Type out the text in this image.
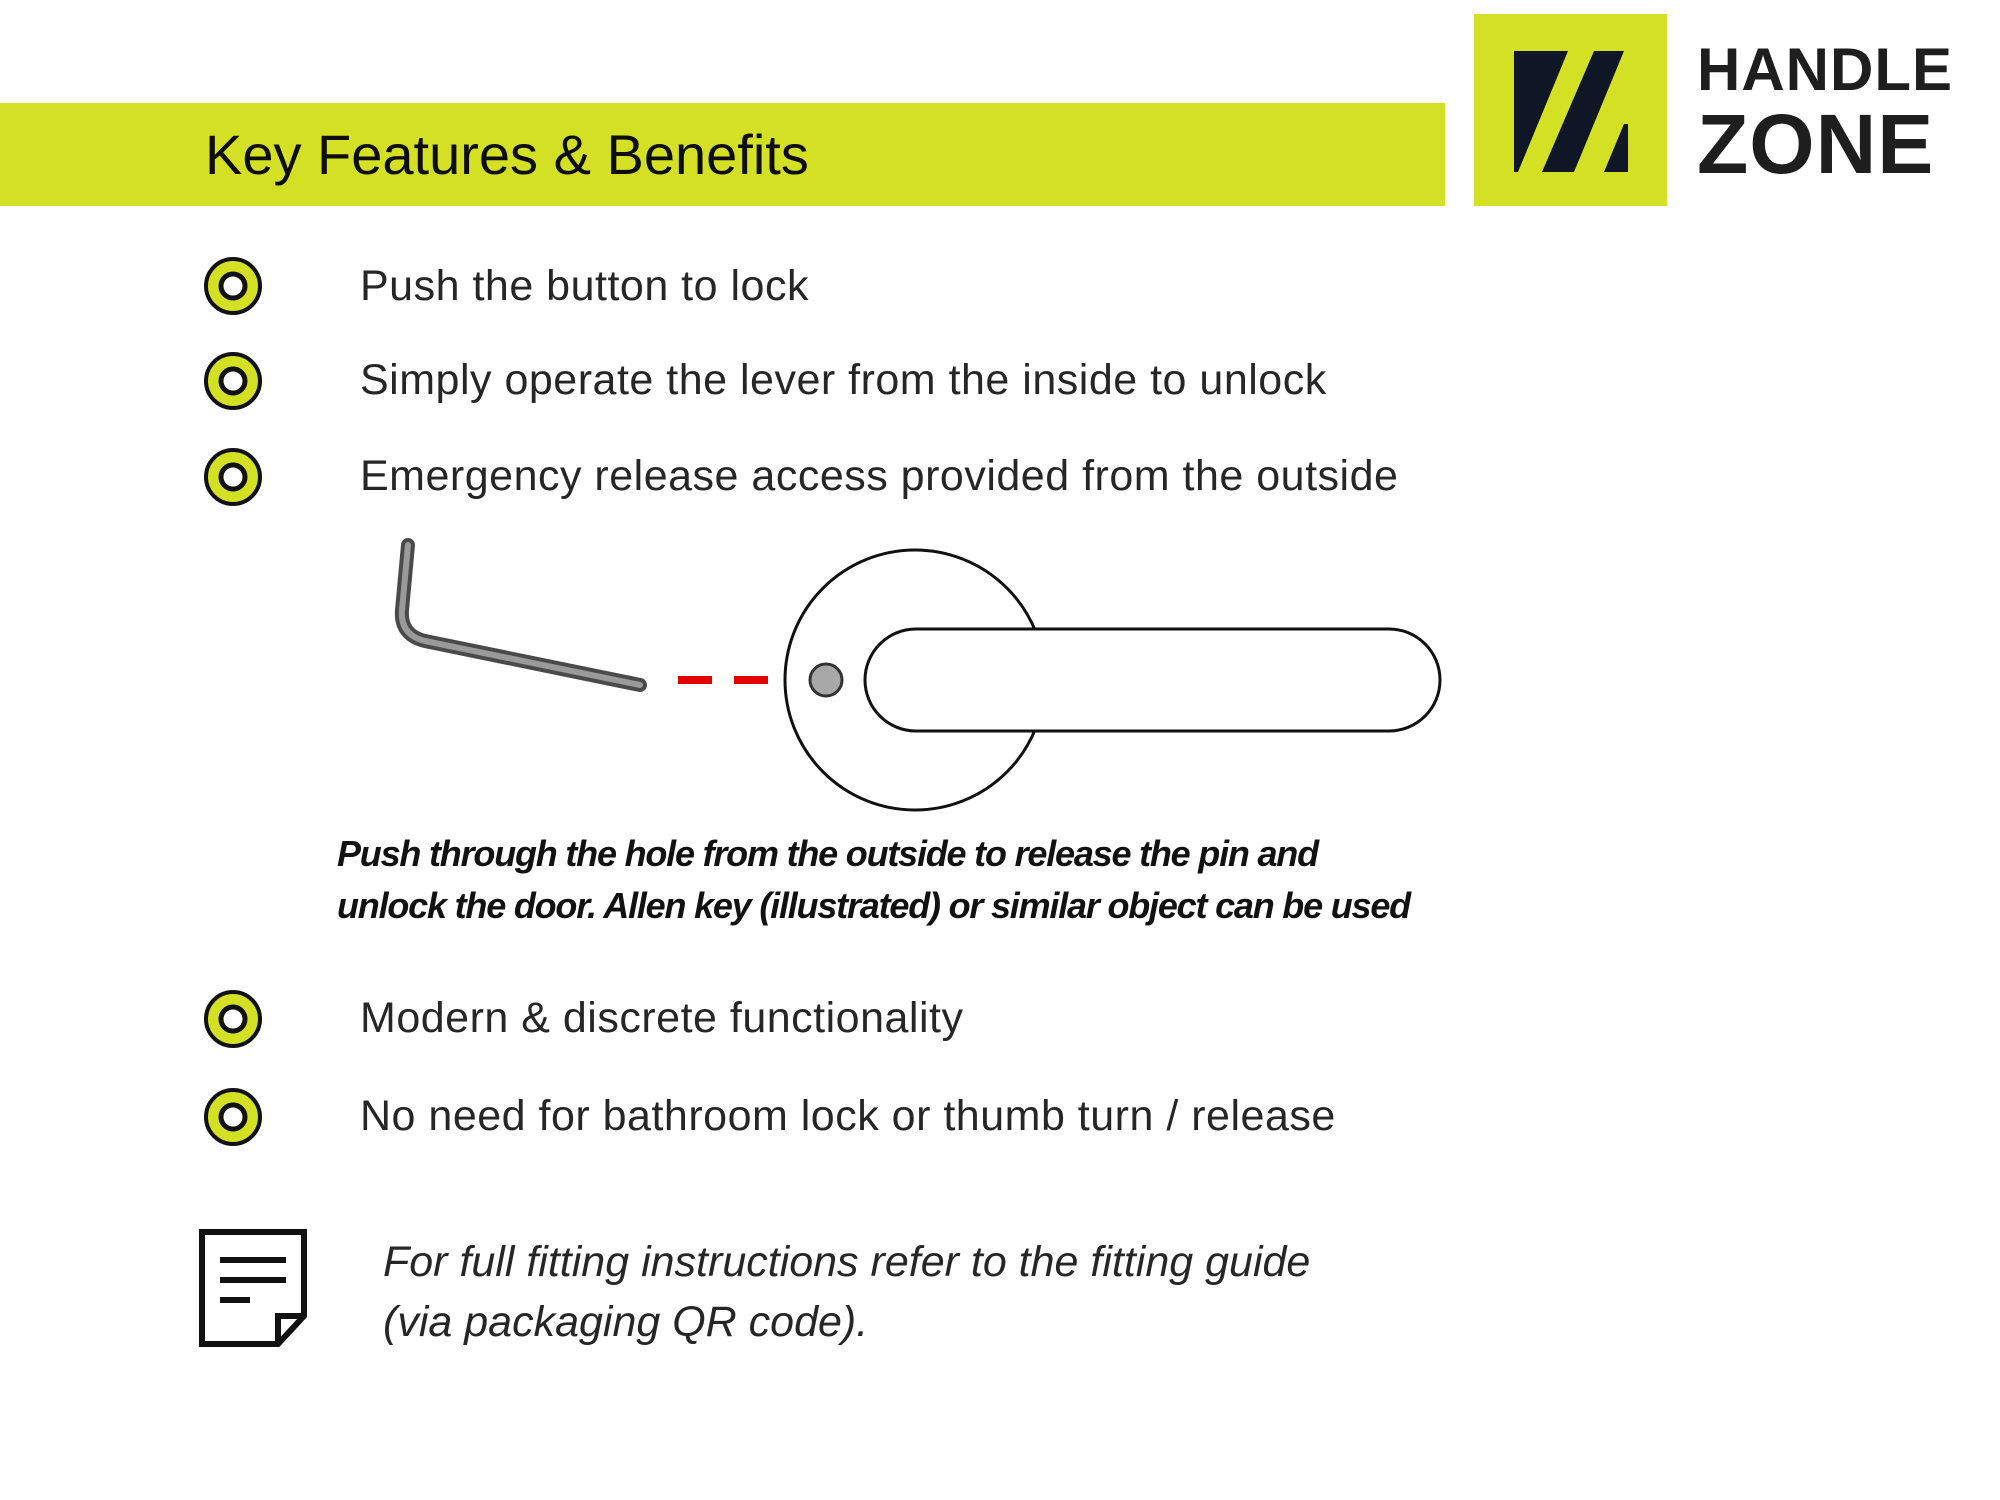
Key Features & Benefits
HANDLE
ZONE
Push the button to lock
Simply operate the lever from the inside to unlock
Emergency release access provided from the outside
Push through the hole from the outside to release the pin and
unlock the door. Allen key (illustrated) or similar object can be used
Modern & discrete functionality
No need for bathroom lock or thumb turn / release
For full fitting instructions refer to the fitting guide
(via packaging QR code).
